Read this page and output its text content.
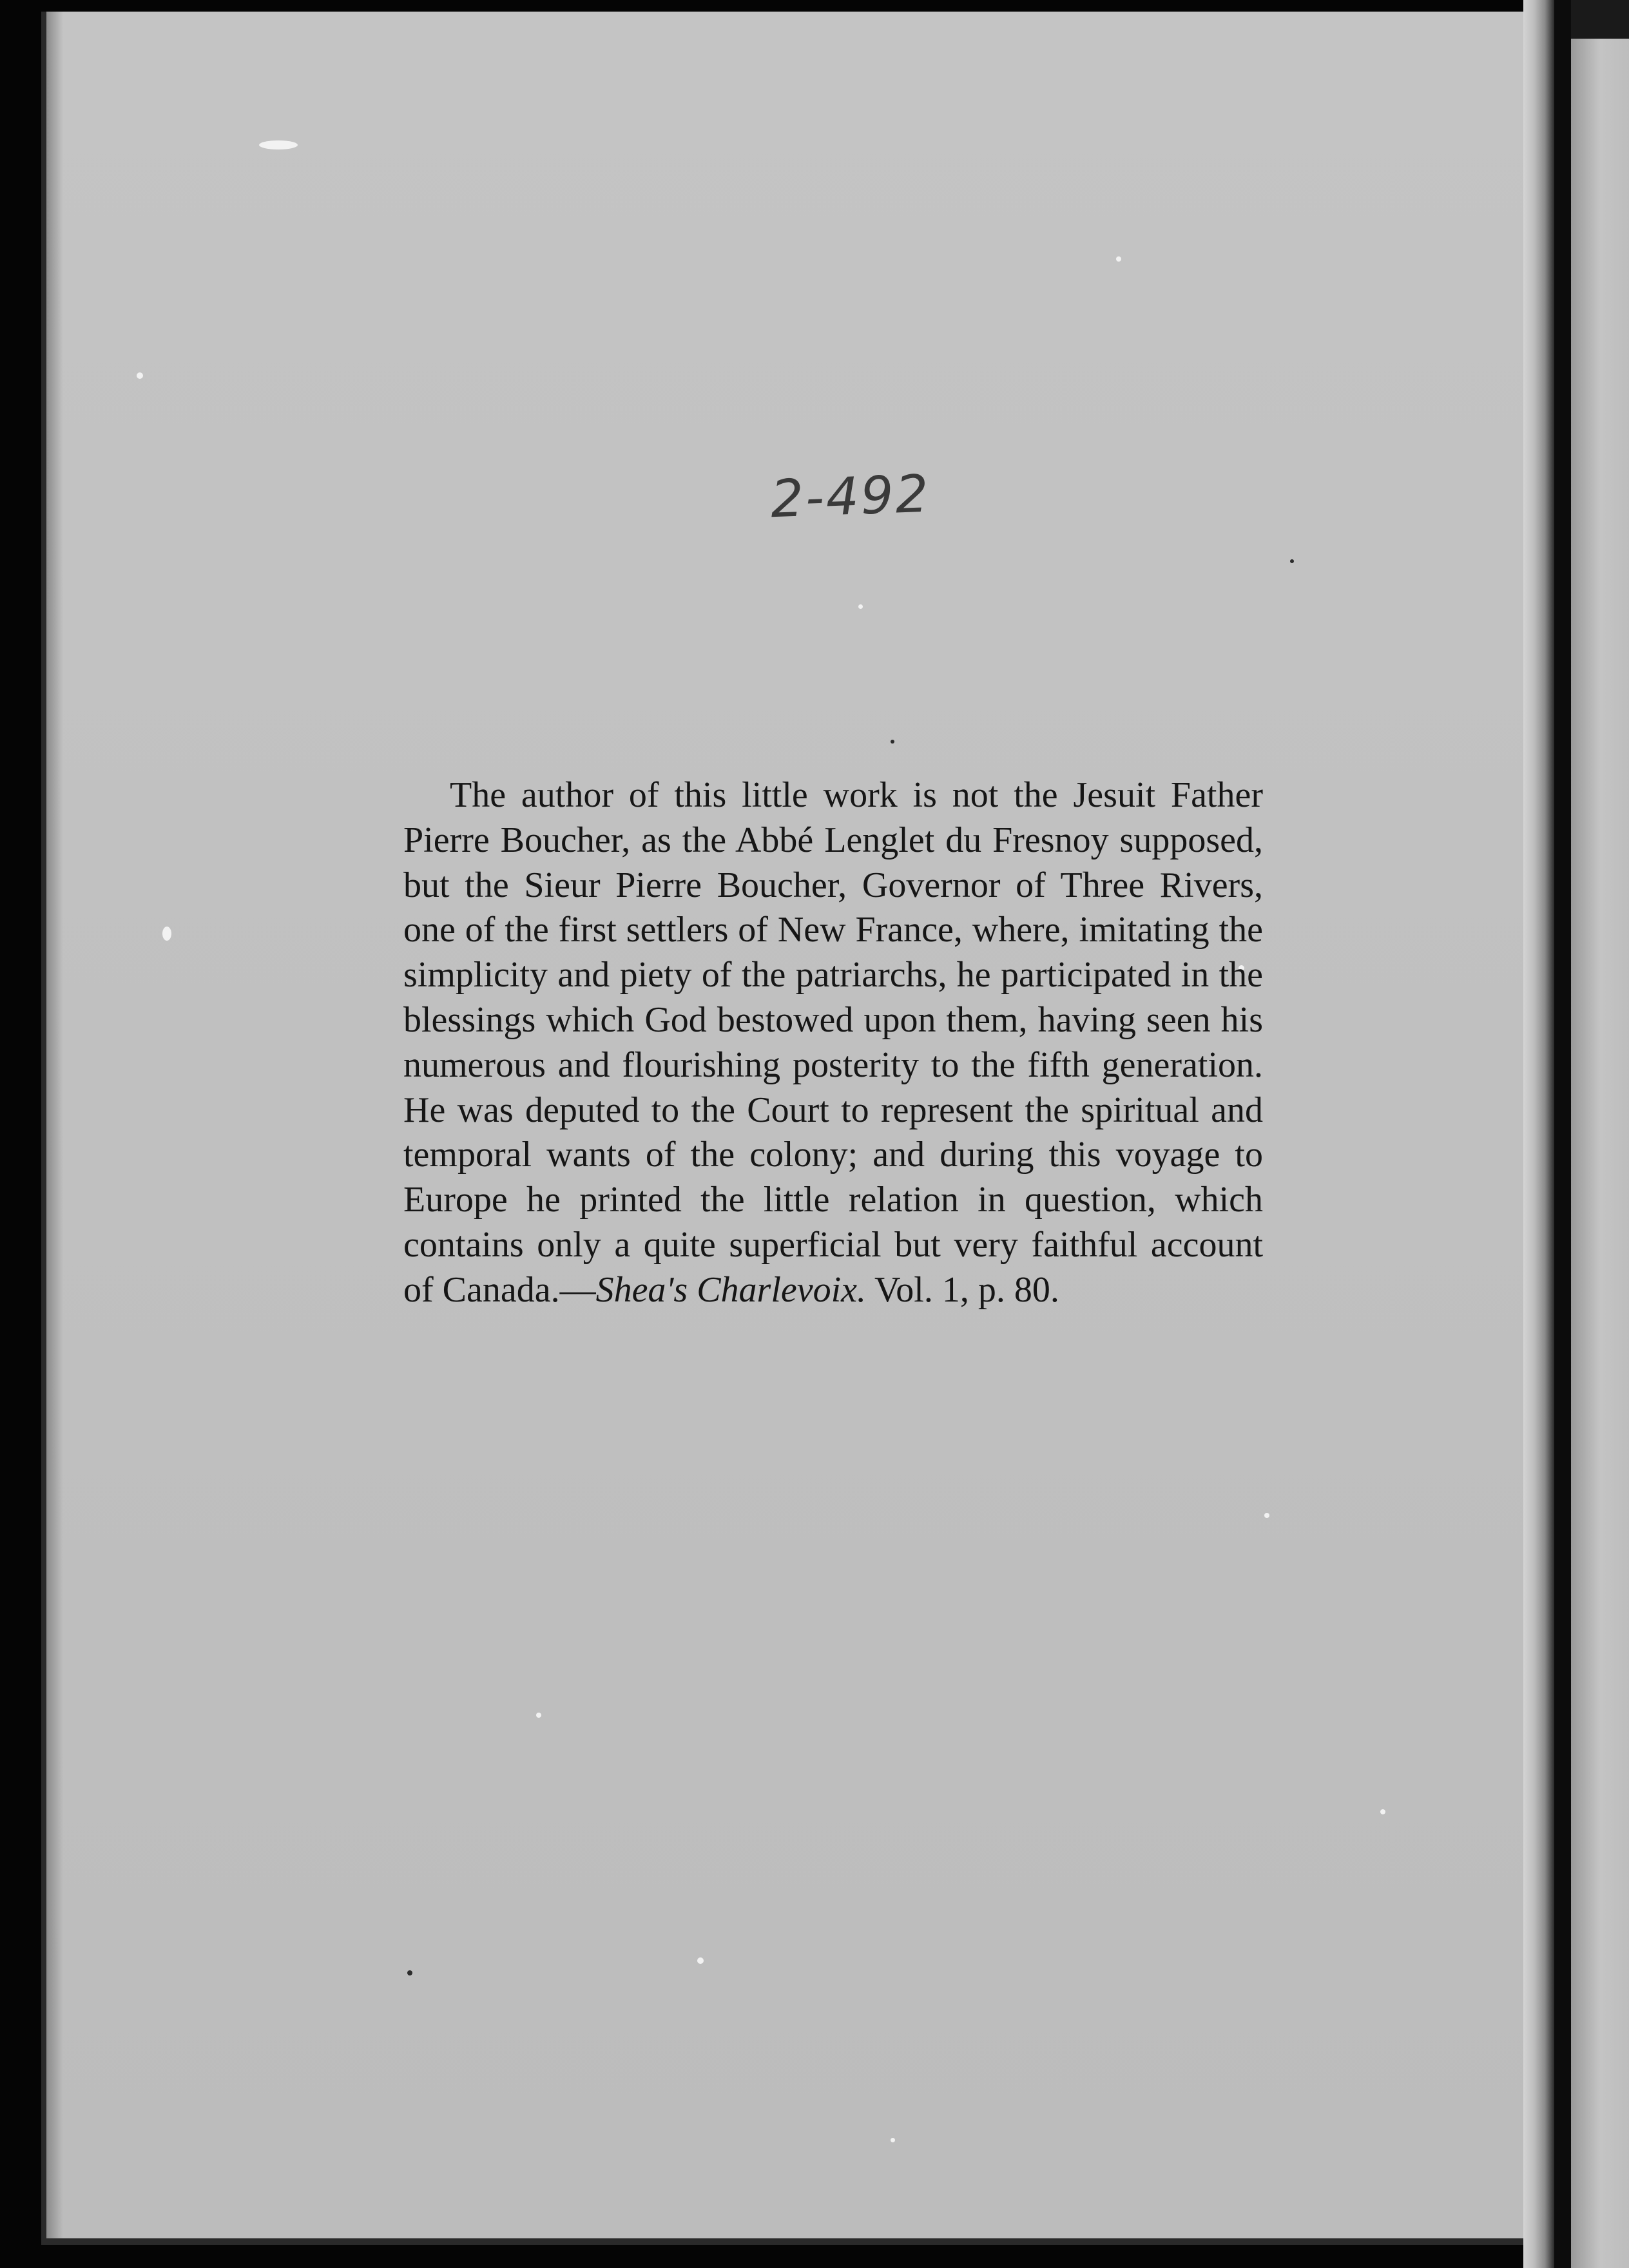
2-492

The author of this little work is not the Jesuit Father Pierre Boucher, as the Abbé Lenglet du Fresnoy supposed, but the Sieur Pierre Boucher, Governor of Three Rivers, one of the first settlers of New France, where, imitating the simplicity and piety of the patriarchs, he participated in the blessings which God bestowed upon them, having seen his numerous and flourishing posterity to the fifth generation. He was deputed to the Court to represent the spiritual and temporal wants of the colony; and during this voyage to Europe he printed the little relation in question, which contains only a quite superficial but very faithful account of Canada.—Shea's Charlevoix. Vol. 1, p. 80.
